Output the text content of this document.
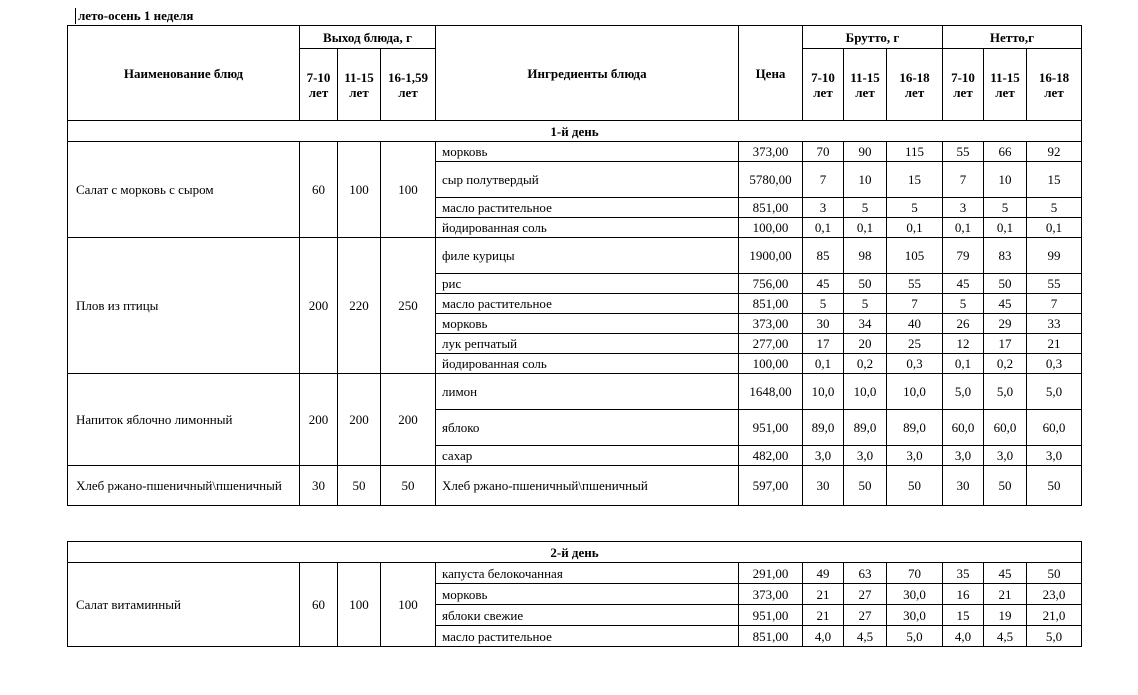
лето-осень 1 неделя
Наименование блюд	Выход блюда, г			Ингредиенты блюда	Цена	Брутто, г			Нетто,г		
	7-10 лет	11-15 лет	16-1,59 лет			7-10 лет	11-15 лет	16-18 лет	7-10 лет	11-15 лет	16-18 лет
1-й день											
Салат с морковь с сыром	60	100	100	морковь	373,00	70	90	115	55	66	92
				сыр полутвердый	5780,00	7	10	15	7	10	15
				масло растительное	851,00	3	5	5	3	5	5
				йодированная соль	100,00	0,1	0,1	0,1	0,1	0,1	0,1
Плов из птицы	200	220	250	филе курицы	1900,00	85	98	105	79	83	99
				рис	756,00	45	50	55	45	50	55
				масло растительное	851,00	5	5	7	5	45	7
				морковь	373,00	30	34	40	26	29	33
				лук репчатый	277,00	17	20	25	12	17	21
				йодированная соль	100,00	0,1	0,2	0,3	0,1	0,2	0,3
Напиток яблочно лимонный	200	200	200	лимон	1648,00	10,0	10,0	10,0	5,0	5,0	5,0
				яблоко	951,00	89,0	89,0	89,0	60,0	60,0	60,0
				сахар	482,00	3,0	3,0	3,0	3,0	3,0	3,0
Хлеб ржано-пшеничный\пшеничный	30	50	50	Хлеб ржано-пшеничный\пшеничный	597,00	30	50	50	30	50	50
2-й день											
Салат витаминный	60	100	100	капуста белокочанная	291,00	49	63	70	35	45	50
				морковь	373,00	21	27	30,0	16	21	23,0
				яблоки свежие	951,00	21	27	30,0	15	19	21,0
				масло растительное	851,00	4,0	4,5	5,0	4,0	4,5	5,0
